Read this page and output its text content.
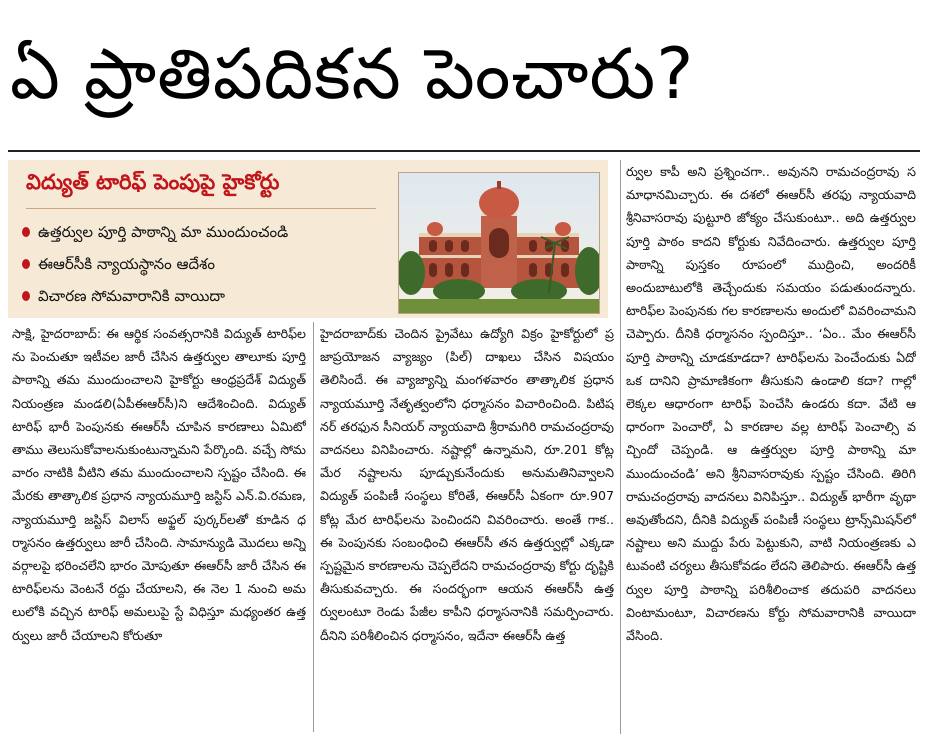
ఏ ప్రాతిపదికన పెంచారు?
విద్యుత్ టారిఫ్ పెంపుపై హైకోర్టు
ఉత్తర్వుల పూర్తి పాఠాన్ని మా ముందుంచండి
ఈఆర్‌సీకి న్యాయస్థానం ఆదేశం
విచారణ సోమవారానికి వాయిదా

సాక్షి, హైదరాబాద్: ఈ ఆర్థిక సంవత్సరానికి విద్యుత్ టారిఫ్‌లను పెంచుతూ ఇటీవల జారీ చేసిన ఉత్తర్వుల తాలూకు పూర్తి పాఠాన్ని తమ ముందుంచాలని హైకోర్టు ఆంధ్రప్రదేశ్ విద్యుత్ నియంత్రణ మండలి(ఏపీఈఆర్‌సీ)ని ఆదేశించింది. విద్యుత్ టారిఫ్‌ భారీ పెంపునకు ఈఆర్‌సీ చూపిన కారణాలు ఏమిటో తాము తెలుసుకోవాలనుకుంటున్నామని పేర్కొంది. వచ్చే సోమవారం నాటికి వీటిని తమ ముందుంచాలని స్పష్టం చేసింది. ఈ మేరకు తాత్కాలిక ప్రధాన న్యాయమూర్తి జస్టిస్ ఎన్.వి.రమణ, న్యాయమూర్తి జస్టిస్ విలాస్ అఫ్జల్ పుర్కర్‌లతో కూడిన ధర్మాసనం ఉత్తర్వులు జారీ చేసింది. సామాన్యుడి మొదలు అన్ని వర్గాలపై భరించలేని భారం మోపుతూ ఈఆర్‌సీ జారీ చేసిన ఈ టారిఫ్‌లను వెంటనే రద్దు చేయాలని, ఈ నెల 1 నుంచి అమలులోకి వచ్చిన టారిఫ్ అమలుపై స్టే విధిస్తూ మధ్యంతర ఉత్తర్వులు జారీ చేయాలని కోరుతూ

హైదరాబాద్‌కు చెందిన ప్రైవేటు ఉద్యోగి విక్రం హైకోర్టులో ప్రజాప్రయోజన వ్యాజ్యం (పిల్) దాఖలు చేసిన విషయం తెలిసిందే. ఈ వ్యాజ్యాన్ని మంగళవారం తాత్కాలిక ప్రధాన న్యాయమూర్తి నేతృత్వంలోని ధర్మాసనం విచారించింది. పిటిషనర్ తరఫున సీనియర్ న్యాయవాది శ్రీరామగిరి రామచంద్రరావు వాదనలు వినిపించారు. నష్టాల్లో ఉన్నామని, రూ.201 కోట్ల మేర నష్టాలను పూడ్చుకునేందుకు అనుమతినివ్వాలని విద్యుత్ పంపిణీ సంస్థలు కోరితే, ఈఆర్‌సీ ఏకంగా రూ.907 కోట్ల మేర టారిఫ్‌లను పెంచిందని వివరించారు. అంతే గాక.. ఈ పెంపునకు సంబంధించి ఈఆర్‌సీ తన ఉత్తర్వుల్లో ఎక్కడా స్పష్టమైన కారణాలను చెప్పలేదని రామచంద్రరావు కోర్టు దృష్టికి తీసుకువచ్చారు. ఈ సందర్భంగా ఆయన ఈఆర్‌సీ ఉత్తర్వులంటూ రెండు పేజీల కాపీని ధర్మాసనానికి సమర్పించారు. దీనిని పరిశీలించిన ధర్మాసనం, ఇదేనా ఈఆర్‌సీ ఉత్త

ర్వుల కాపీ అని ప్రశ్నించగా.. అవునని రామచంద్రరావు సమాధానమిచ్చారు. ఈ దశలో ఈఆర్‌సీ తరఫు న్యాయవాది శ్రీనివాసరావు పుట్టూరి జోక్యం చేసుకుంటూ.. అది ఉత్తర్వుల పూర్తి పాఠం కాదని కోర్టుకు నివేదించారు. ఉత్తర్వుల పూర్తి పాఠాన్ని పుస్తకం రూపంలో ముద్రించి, అందరికీ అందుబాటులోకి తెచ్చేందుకు సమయం పడుతుందన్నారు. టారిఫ్‌ల పెంపునకు గల కారణాలను అందులో వివరించామని చెప్పారు. దీనికి ధర్మాసనం స్పందిస్తూ.. ‘ఏం.. మేం ఈఆర్‌సీ పూర్తి పాఠాన్ని చూడకూడదా? టారిఫ్‌లను పెంచేందుకు ఏదో ఒక దానిని ప్రామాణికంగా తీసుకుని ఉండాలి కదా? గాల్లో లెక్కల ఆధారంగా టారిఫ్ పెంచేసి ఉండరు కదా. వేటి ఆధారంగా పెంచారో, ఏ కారణాల వల్ల టారిఫ్ పెంచాల్సి వచ్చిందో చెప్పండి. ఆ ఉత్తర్వుల పూర్తి పాఠాన్ని మా ముందుంచండి’ అని శ్రీనివాసరావుకు స్పష్టం చేసింది. తిరిగి రామచంద్రరావు వాదనలు వినిపిస్తూ.. విద్యుత్ భారీగా వృథా అవుతోందని, దీనికి విద్యుత్ పంపిణీ సంస్థలు ట్రాన్స్‌మిషన్‌లో నష్టాలు అని ముద్దు పేరు పెట్టుకుని, వాటి నియంత్రణకు ఎటువంటి చర్యలు తీసుకోవడం లేదని తెలిపారు. ఈఆర్‌సీ ఉత్తర్వుల పూర్తి పాఠాన్ని పరిశీలించాక తదుపరి వాదనలు వింటామంటూ, విచారణను కోర్టు సోమవారానికి వాయిదా వేసింది.
